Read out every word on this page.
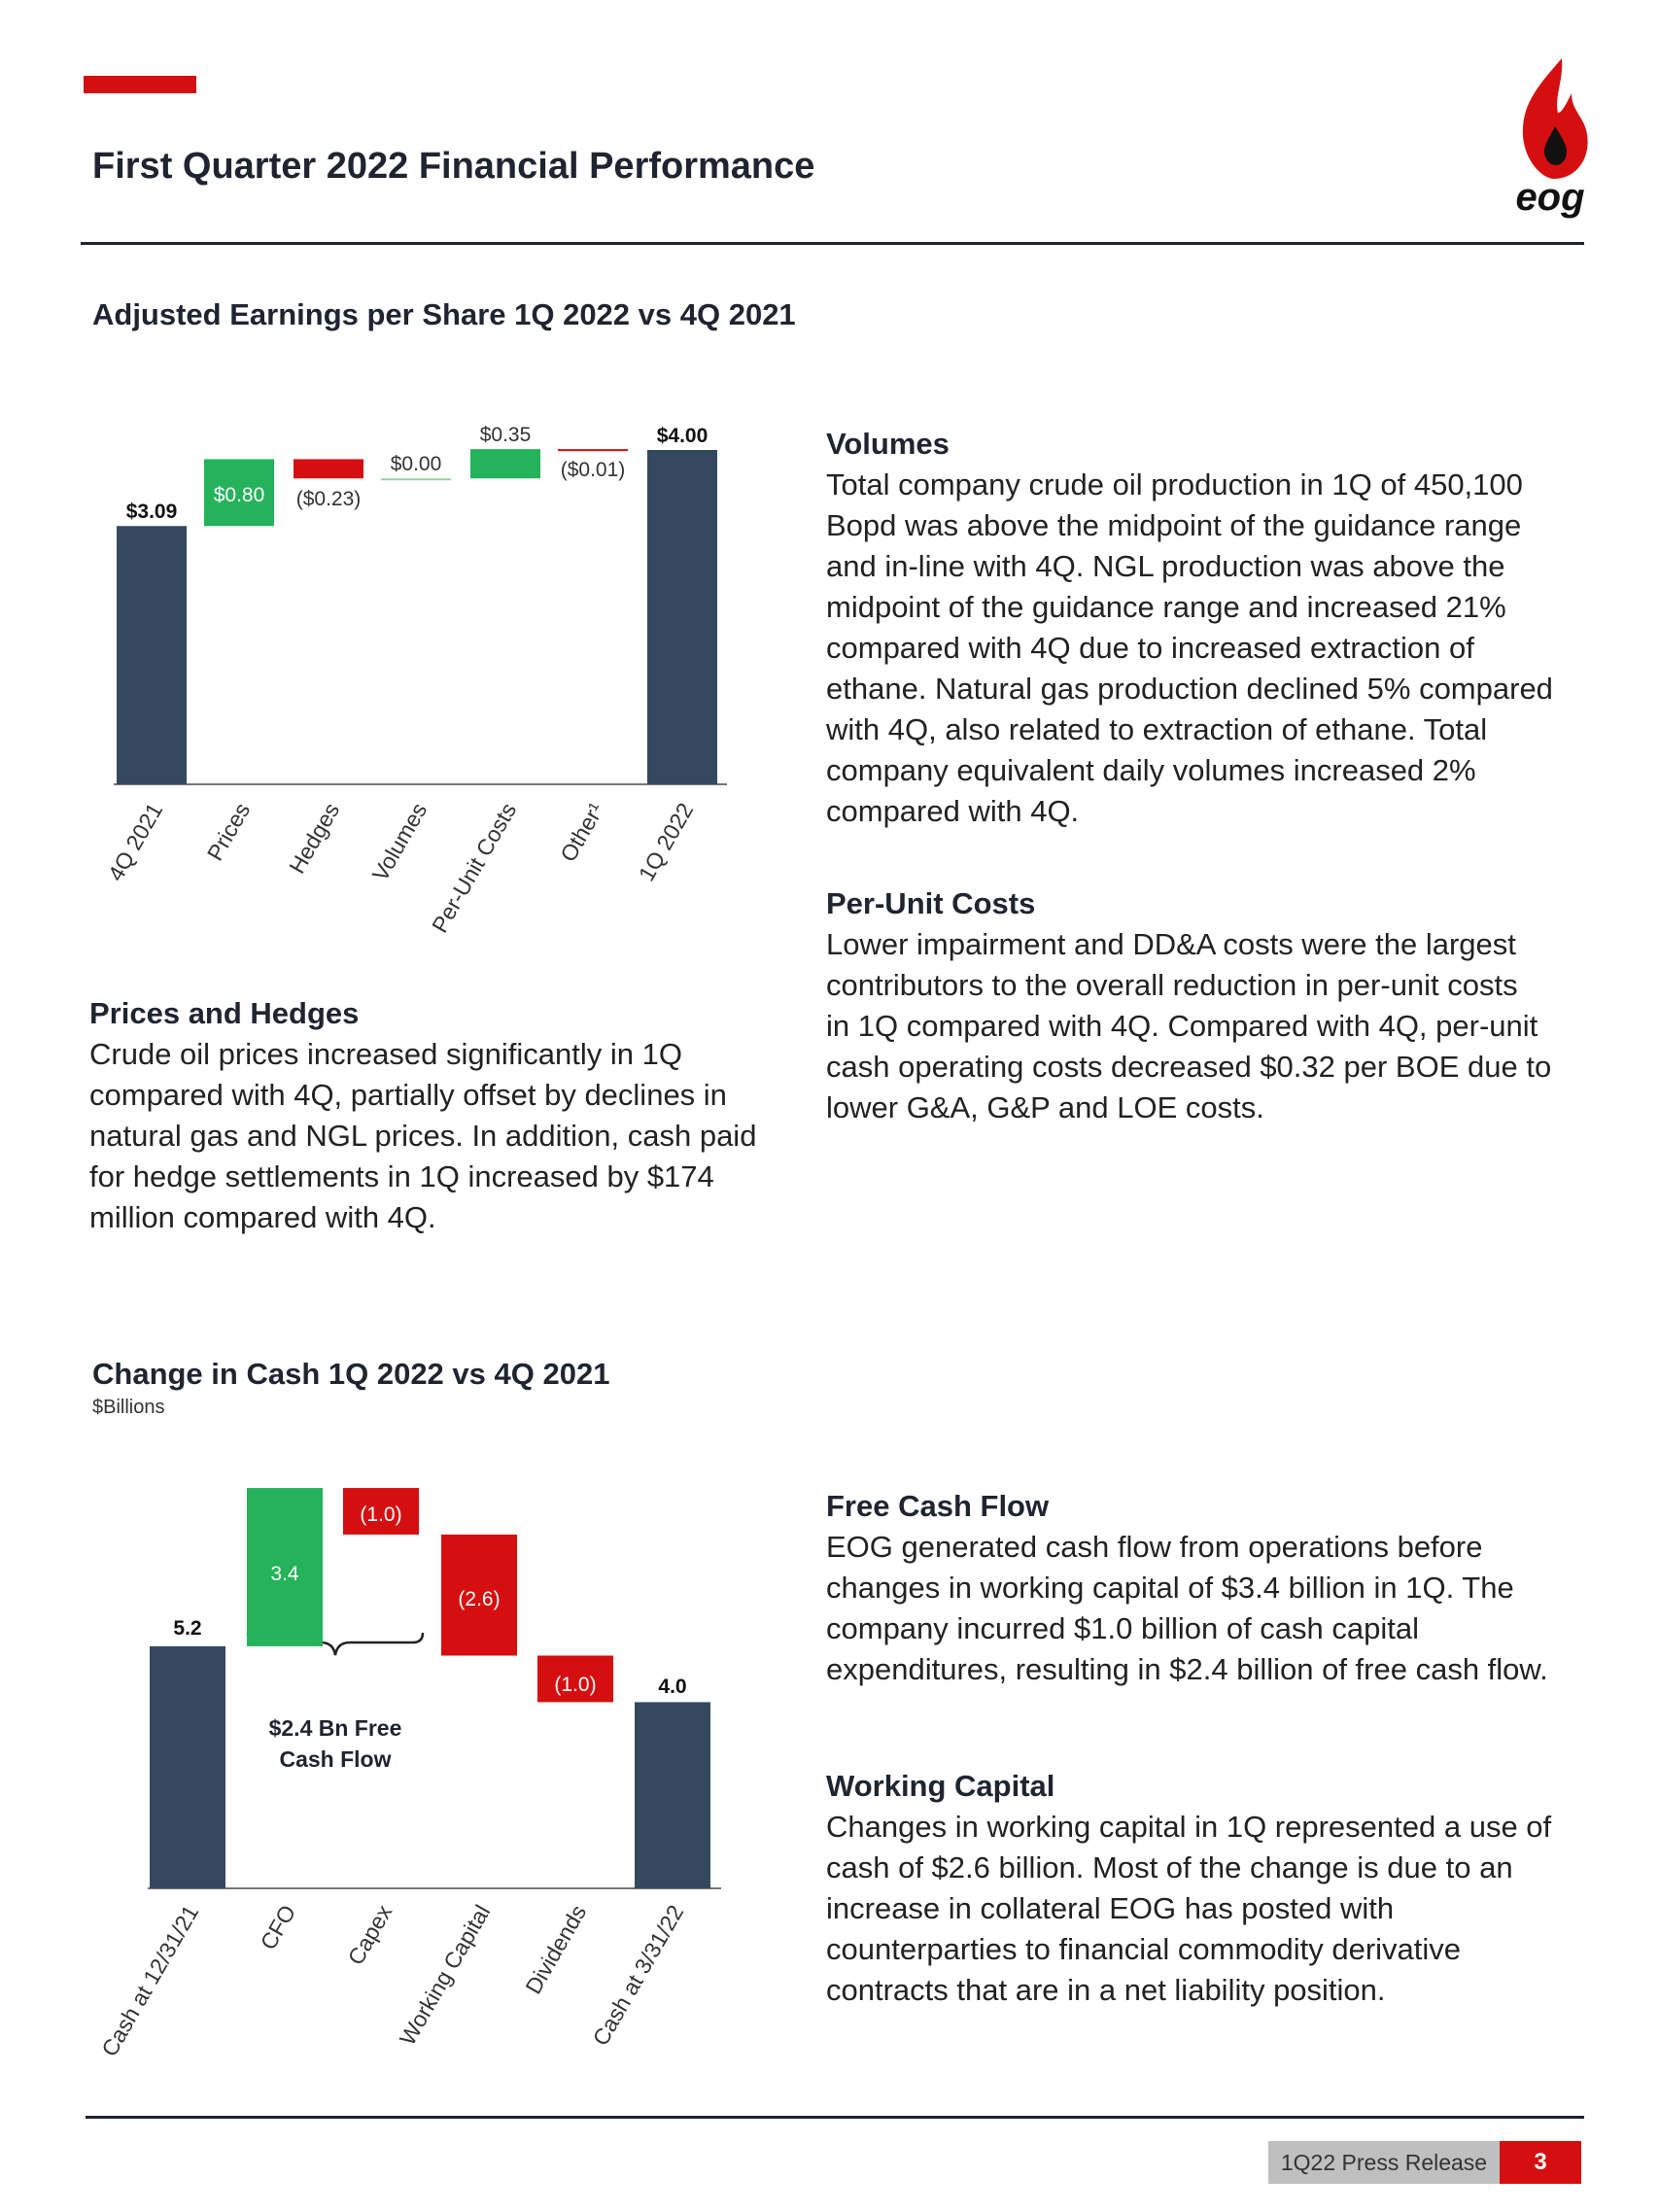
First Quarter 2022 Financial Performance
eog
Adjusted Earnings per Share 1Q 2022 vs 4Q 2021
$3.09
4Q 2021
$0.80
Prices
($0.23)
Hedges
$0.00
Volumes
$0.35
Per-Unit Costs
($0.01)
Other¹
$4.00
1Q 2022
Change in Cash 1Q 2022 vs 4Q 2021
$Billions
$2.4 Bn Free
Cash Flow
5.2
Cash at 12/31/21
3.4
CFO
(1.0)
Capex
(2.6)
Working Capital
(1.0)
Dividends
4.0
Cash at 3/31/22
Volumes

Total company crude oil production in 1Q of 450,100

Bopd was above the midpoint of the guidance range

and in-line with 4Q. NGL production was above the

midpoint of the guidance range and increased 21%

compared with 4Q due to increased extraction of

ethane. Natural gas production declined 5% compared

with 4Q, also related to extraction of ethane. Total

company equivalent daily volumes increased 2%

compared with 4Q.

Per-Unit Costs

Lower impairment and DD&A costs were the largest

contributors to the overall reduction in per-unit costs

in 1Q compared with 4Q. Compared with 4Q, per-unit

cash operating costs decreased $0.32 per BOE due to

lower G&A, G&P and LOE costs.

Prices and Hedges

Crude oil prices increased significantly in 1Q

compared with 4Q, partially offset by declines in

natural gas and NGL prices. In addition, cash paid

for hedge settlements in 1Q increased by $174

million compared with 4Q.

Free Cash Flow

EOG generated cash flow from operations before

changes in working capital of $3.4 billion in 1Q. The

company incurred $1.0 billion of cash capital

expenditures, resulting in $2.4 billion of free cash flow.

Working Capital

Changes in working capital in 1Q represented a use of

cash of $2.6 billion. Most of the change is due to an

increase in collateral EOG has posted with

counterparties to financial commodity derivative

contracts that are in a net liability position.

1Q22 Press Release	3
